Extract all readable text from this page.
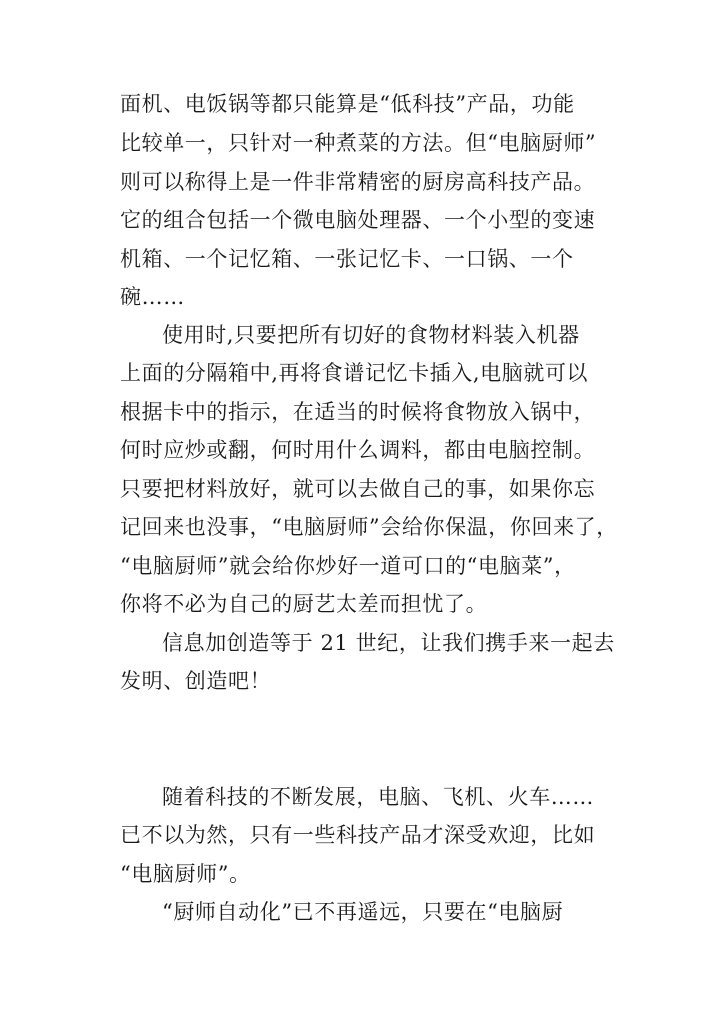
面机、电饭锅等都只能算是“低科技”产品，功能
比较单一，只针对一种煮菜的方法。但“电脑厨师”
则可以称得上是一件非常精密的厨房高科技产品。
它的组合包括一个微电脑处理器、一个小型的变速
机箱、一个记忆箱、一张记忆卡、一口锅、一个
碗……
使用时,只要把所有切好的食物材料装入机器
上面的分隔箱中,再将食谱记忆卡插入,电脑就可以
根据卡中的指示，在适当的时候将食物放入锅中，
何时应炒或翻，何时用什么调料，都由电脑控制。
只要把材料放好，就可以去做自己的事，如果你忘
记回来也没事，“电脑厨师”会给你保温，你回来了，
“电脑厨师”就会给你炒好一道可口的“电脑菜”，
你将不必为自己的厨艺太差而担忧了。
信息加创造等于 21 世纪，让我们携手来一起去
发明、创造吧！
随着科技的不断发展，电脑、飞机、火车……
已不以为然，只有一些科技产品才深受欢迎，比如
“电脑厨师”。
“厨师自动化”已不再遥远，只要在“电脑厨
